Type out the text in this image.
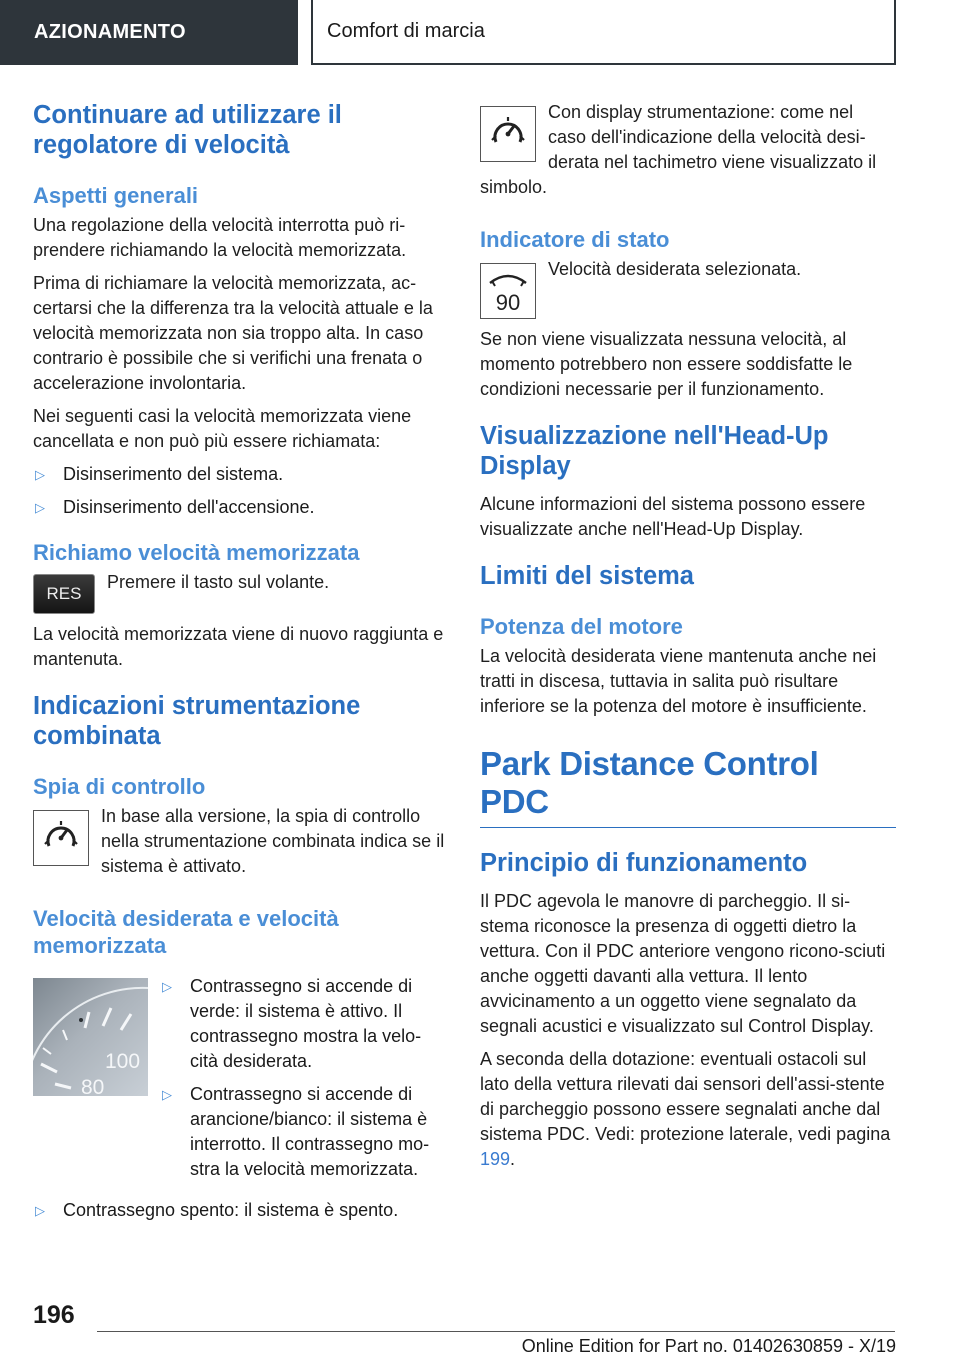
AZIONAMENTO	Comfort di marcia
Continuare ad utilizzare il regolatore di velocità
Aspetti generali

Una regolazione della velocità interrotta può ri-prendere richiamando la velocità memorizzata.

Prima di richiamare la velocità memorizzata, ac-certarsi che la differenza tra la velocità attuale e la velocità memorizzata non sia troppo alta. In caso contrario è possibile che si verifichi una frenata o accelerazione involontaria.

Nei seguenti casi la velocità memorizzata viene cancellata e non può più essere richiamata:

▷ Disinserimento del sistema.
▷ Disinserimento dell'accensione.
Richiamo velocità memorizzata
RES

Premere il tasto sul volante.

La velocità memorizzata viene di nuovo raggiunta e mantenuta.

Indicazioni strumentazione combinata
Spia di controllo

In base alla versione, la spia di controllo nella strumentazione combinata indica se il sistema è attivato.

Velocità desiderata e velocità memorizzata
100
80
▷ Contrassegno si accende di verde: il sistema è attivo. Il contrassegno mostra la velo-cità desiderata.
▷ Contrassegno si accende di arancione/bianco: il sistema è interrotto. Il contrassegno mo-stra la velocità memorizzata.
▷ Contrassegno spento: il sistema è spento.

Con display strumentazione: come nel caso dell'indicazione della velocità desi-derata nel tachimetro viene visualizzato il simbolo.

Indicatore di stato
90

Velocità desiderata selezionata.

Se non viene visualizzata nessuna velocità, al momento potrebbero non essere soddisfatte le condizioni necessarie per il funzionamento.

Visualizzazione nell'Head-Up Display

Alcune informazioni del sistema possono essere visualizzate anche nell'Head-Up Display.

Limiti del sistema
Potenza del motore

La velocità desiderata viene mantenuta anche nei tratti in discesa, tuttavia in salita può risultare inferiore se la potenza del motore è insufficiente.

Park Distance Control PDC
Principio di funzionamento

Il PDC agevola le manovre di parcheggio. Il si-stema riconosce la presenza di oggetti dietro la vettura. Con il PDC anteriore vengono ricono-sciuti anche oggetti davanti alla vettura. Il lento avvicinamento a un oggetto viene segnalato da segnali acustici e visualizzato sul Control Display.

A seconda della dotazione: eventuali ostacoli sul lato della vettura rilevati dai sensori dell'assi-stente di parcheggio possono essere segnalati anche dal sistema PDC. Vedi: protezione laterale, vedi pagina 199.

196
Online Edition for Part no. 01402630859 - X/19
